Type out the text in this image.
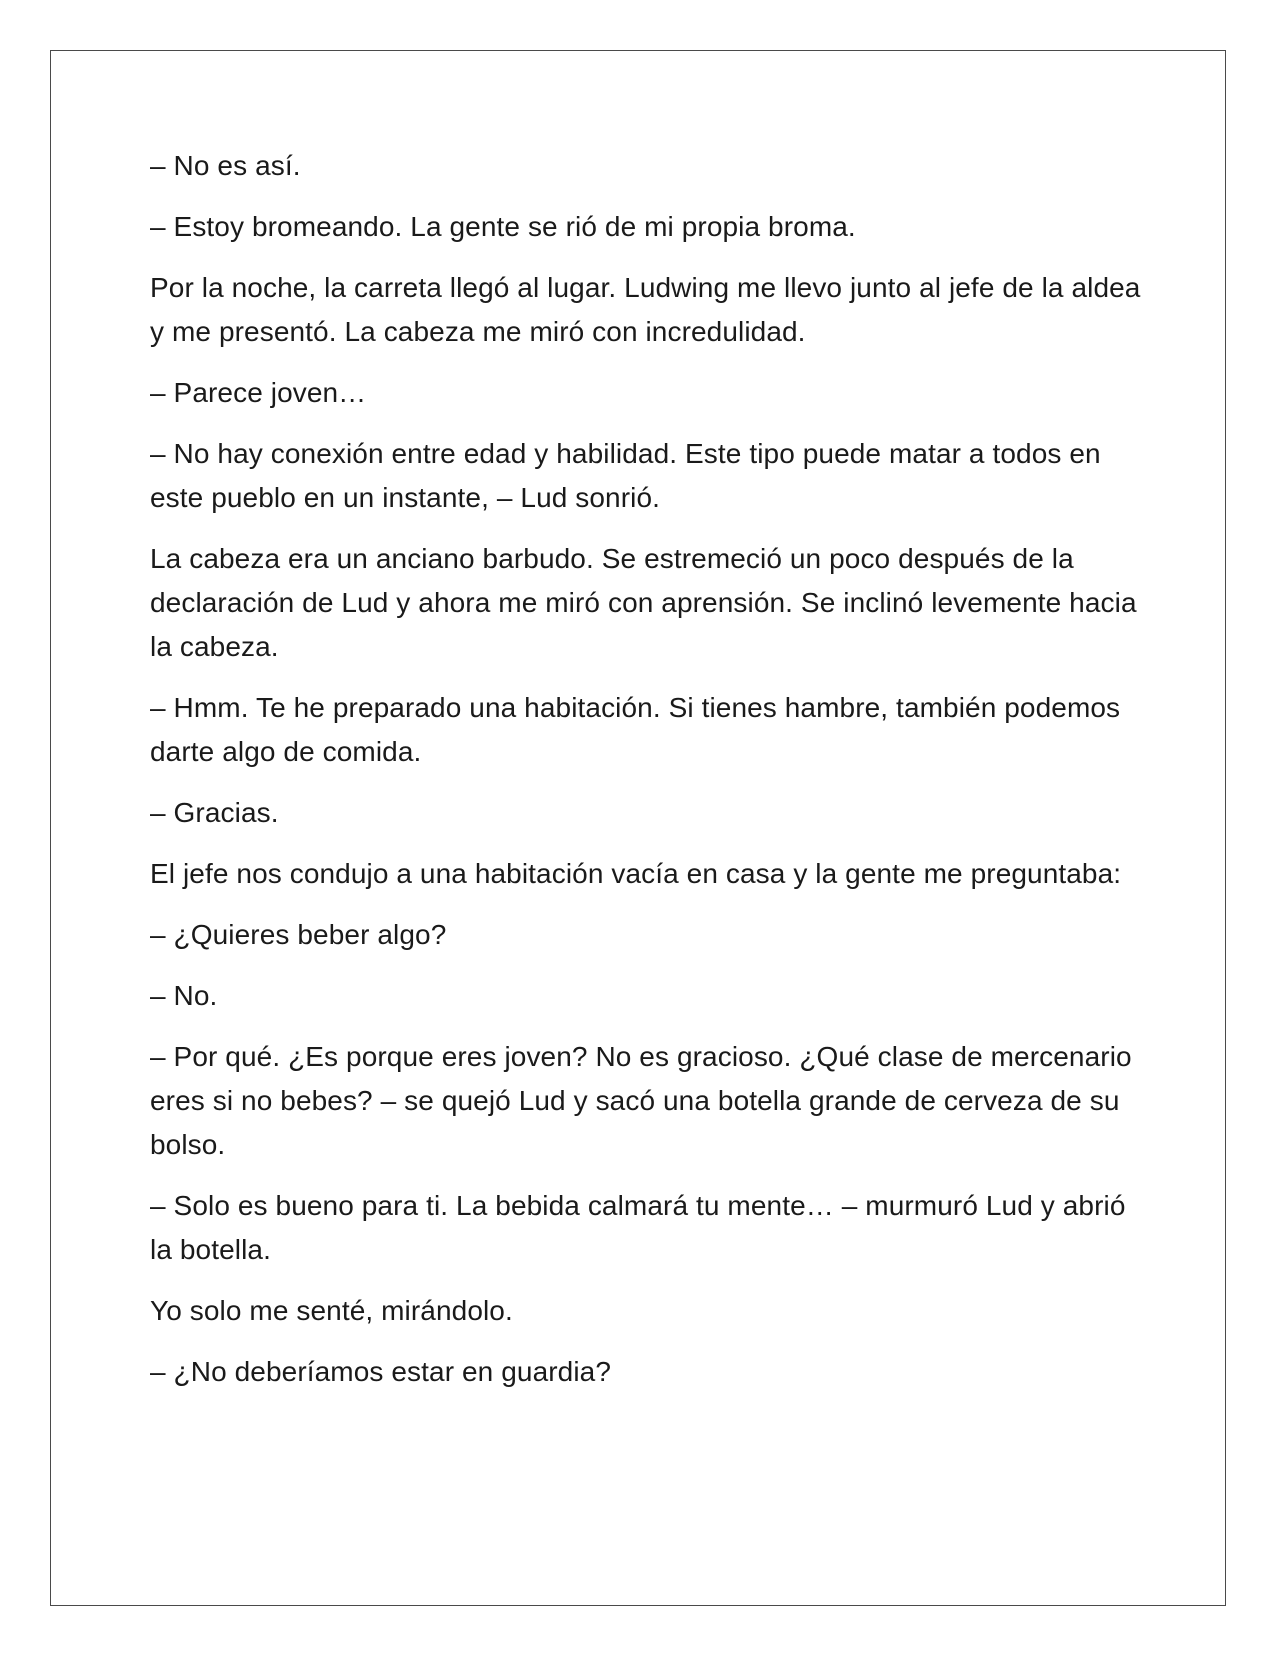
– No es así.

– Estoy bromeando. La gente se rió de mi propia broma.

Por la noche, la carreta llegó al lugar. Ludwing me llevo junto al jefe de la aldea y me presentó. La cabeza me miró con incredulidad.

– Parece joven…

– No hay conexión entre edad y habilidad. Este tipo puede matar a todos en este pueblo en un instante, – Lud sonrió.

La cabeza era un anciano barbudo. Se estremeció un poco después de la declaración de Lud y ahora me miró con aprensión. Se inclinó levemente hacia la cabeza.

– Hmm. Te he preparado una habitación. Si tienes hambre, también podemos darte algo de comida.

– Gracias.

El jefe nos condujo a una habitación vacía en casa y la gente me preguntaba:

– ¿Quieres beber algo?

– No.

– Por qué. ¿Es porque eres joven? No es gracioso. ¿Qué clase de mercenario eres si no bebes? – se quejó Lud y sacó una botella grande de cerveza de su bolso.

– Solo es bueno para ti. La bebida calmará tu mente… – murmuró Lud y abrió la botella.

Yo solo me senté, mirándolo.

– ¿No deberíamos estar en guardia?
